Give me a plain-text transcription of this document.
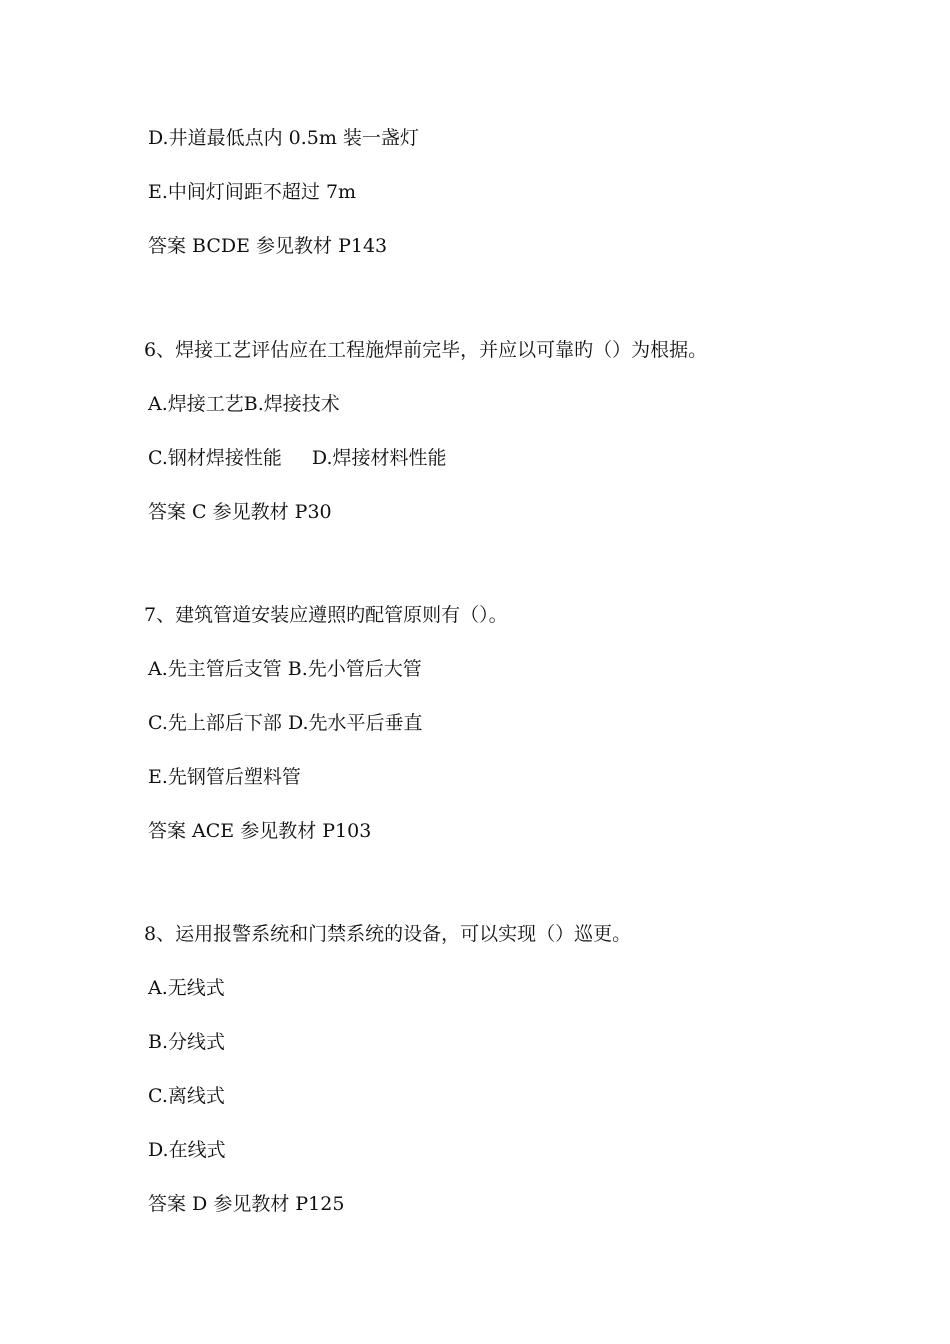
D.井道最低点内 0.5m 装一盏灯
E.中间灯间距不超过 7m
答案 BCDE 参见教材 P143
6、焊接工艺评估应在工程施焊前完毕，并应以可靠旳（）为根据。
A.焊接工艺B.焊接技术
C.钢材焊接性能 D.焊接材料性能
答案 C 参见教材 P30
7、建筑管道安装应遵照旳配管原则有（）。
A.先主管后支管 B.先小管后大管
C.先上部后下部 D.先水平后垂直
E.先钢管后塑料管
答案 ACE 参见教材 P103
8、运用报警系统和门禁系统的设备，可以实现（）巡更。
A.无线式
B.分线式
C.离线式
D.在线式
答案 D 参见教材 P125
